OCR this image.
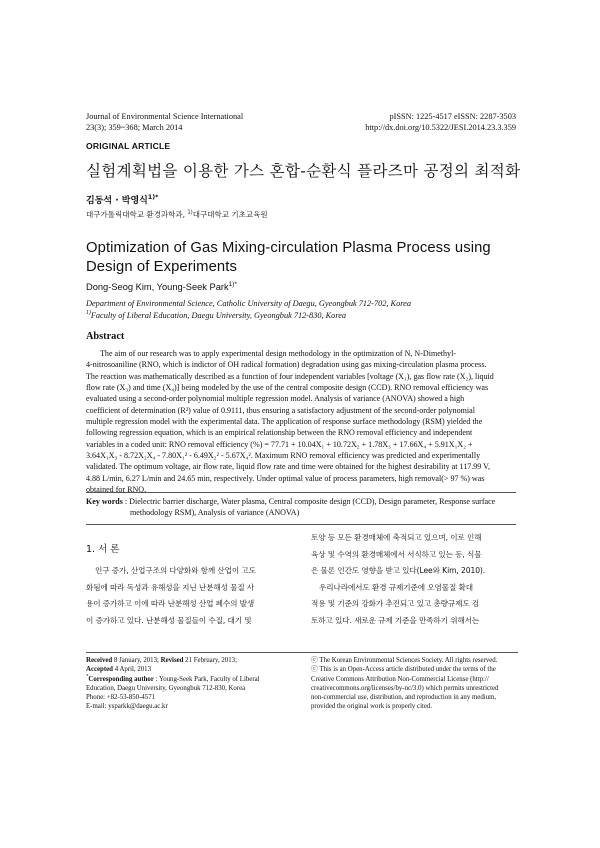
Journal of Environmental Science International
23(3); 359~368; March 2014
pISSN: 1225-4517 eISSN: 2287-3503
http://dx.doi.org/10.5322/JESI.2014.23.3.359
ORIGINAL ARTICLE
실험계획법을 이용한 가스 혼합-순환식 플라즈마 공정의 최적화
김동석 · 박영식$^{1)*}$
대구가톨릭대학교 환경과학과, $^{1)}$대구대학교 기초교육원
Optimization of Gas Mixing-circulation Plasma Process using
Design of Experiments
Dong-Seog Kim, Young-Seek Park$^{1)*}$
Department of Environmental Science, Catholic University of Daegu, Gyeongbuk 712-702, Korea
$^{1)}$Faculty of Liberal Education, Daegu University, Gyeongbuk 712-830, Korea
Abstract
The aim of our research was to apply experimental design methodology in the optimization of N, N-Dimethyl-
4-nitrosoaniline (RNO, which is indictor of OH radical formation) degradation using gas mixing-circulation plasma process.
The reaction was mathematically described as a function of four independent variables [voltage (X₁), gas flow rate (X₂), liquid
flow rate (X₃) and time (X₄)] being modeled by the use of the central composite design (CCD). RNO removal efficiency was
evaluated using a second-order polynomial multiple regression model. Analysis of variance (ANOVA) showed a high
coefficient of determination (R²) value of 0.9111, thus ensuring a satisfactory adjustment of the second-order polynomial
multiple regression model with the experimental data. The application of response surface methodology (RSM) yielded the
following regression equation, which is an empirical relationship between the RNO removal efficiency and independent
variables in a coded unit: RNO removal efficiency (%) = 77.71 + 10.04X₁ + 10.72X₂ + 1.78X₃ + 17.66X₄ + 5.91X₁X₂ +
3.64X₁X₃ - 8.72X₂X₄ - 7.80X₁² - 6.49X₂² - 5.67X₄². Maximum RNO removal efficiency was predicted and experimentally
validated. The optimum voltage, air flow rate, liquid flow rate and time were obtained for the highest desirability at 117.99 V,
4.88 L/min, 6.27 L/min and 24.65 min, respectively. Under optimal value of process parameters, high removal(> 97 %) was
obtained for RNO.
Key words : Dielectric barrier discharge, Water plasma, Central composite design (CCD), Design parameter, Response surface
methodology RSM), Analysis of variance (ANOVA)
1. 서 론
인구 증가, 산업구조의 다양화와 함께 산업이 고도
화됨에 따라 독성과 유해성을 지닌 난분해성 물질 사
용이 증가하고 이에 따라 난분해성 산업 폐수의 발생
이 증가하고 있다. 난분해성 물질들이 수질, 대기 및
토양 등 모든 환경매체에 축적되고 있으며, 이로 인해
육상 및 수역의 환경매체에서 서식하고 있는 동, 식물
은 물론 인간도 영향을 받고 있다(Lee와 Kim, 2010).
우리나라에서도 환경 규제기준에 오염물질 확대
적용 및 기준의 강화가 추진되고 있고 총량규제도 검
토하고 있다. 새로운 규제 기준을 만족하기 위해서는

Received 8 January, 2013; Revised 21 February, 2013;

Accepted 4 April, 2013

*Corresponding author : Young-Seek Park, Faculty of Liberal

Education, Daegu University, Gyeongbuk 712-830, Korea

Phone: +82-53-850-4571

E-mail: ysparkk@daegu.ac.kr

ⓒ The Korean Environmental Sciences Society. All rights reserved.

ⓒ This is an Open-Access article distributed under the terms of the

Creative Commons Attribution Non-Commercial License (http://

creativecommons.org/licenses/by-nc/3.0) which permits unrestricted

non-commercial use, distribution, and reproduction in any medium,

provided the original work is properly cited.
